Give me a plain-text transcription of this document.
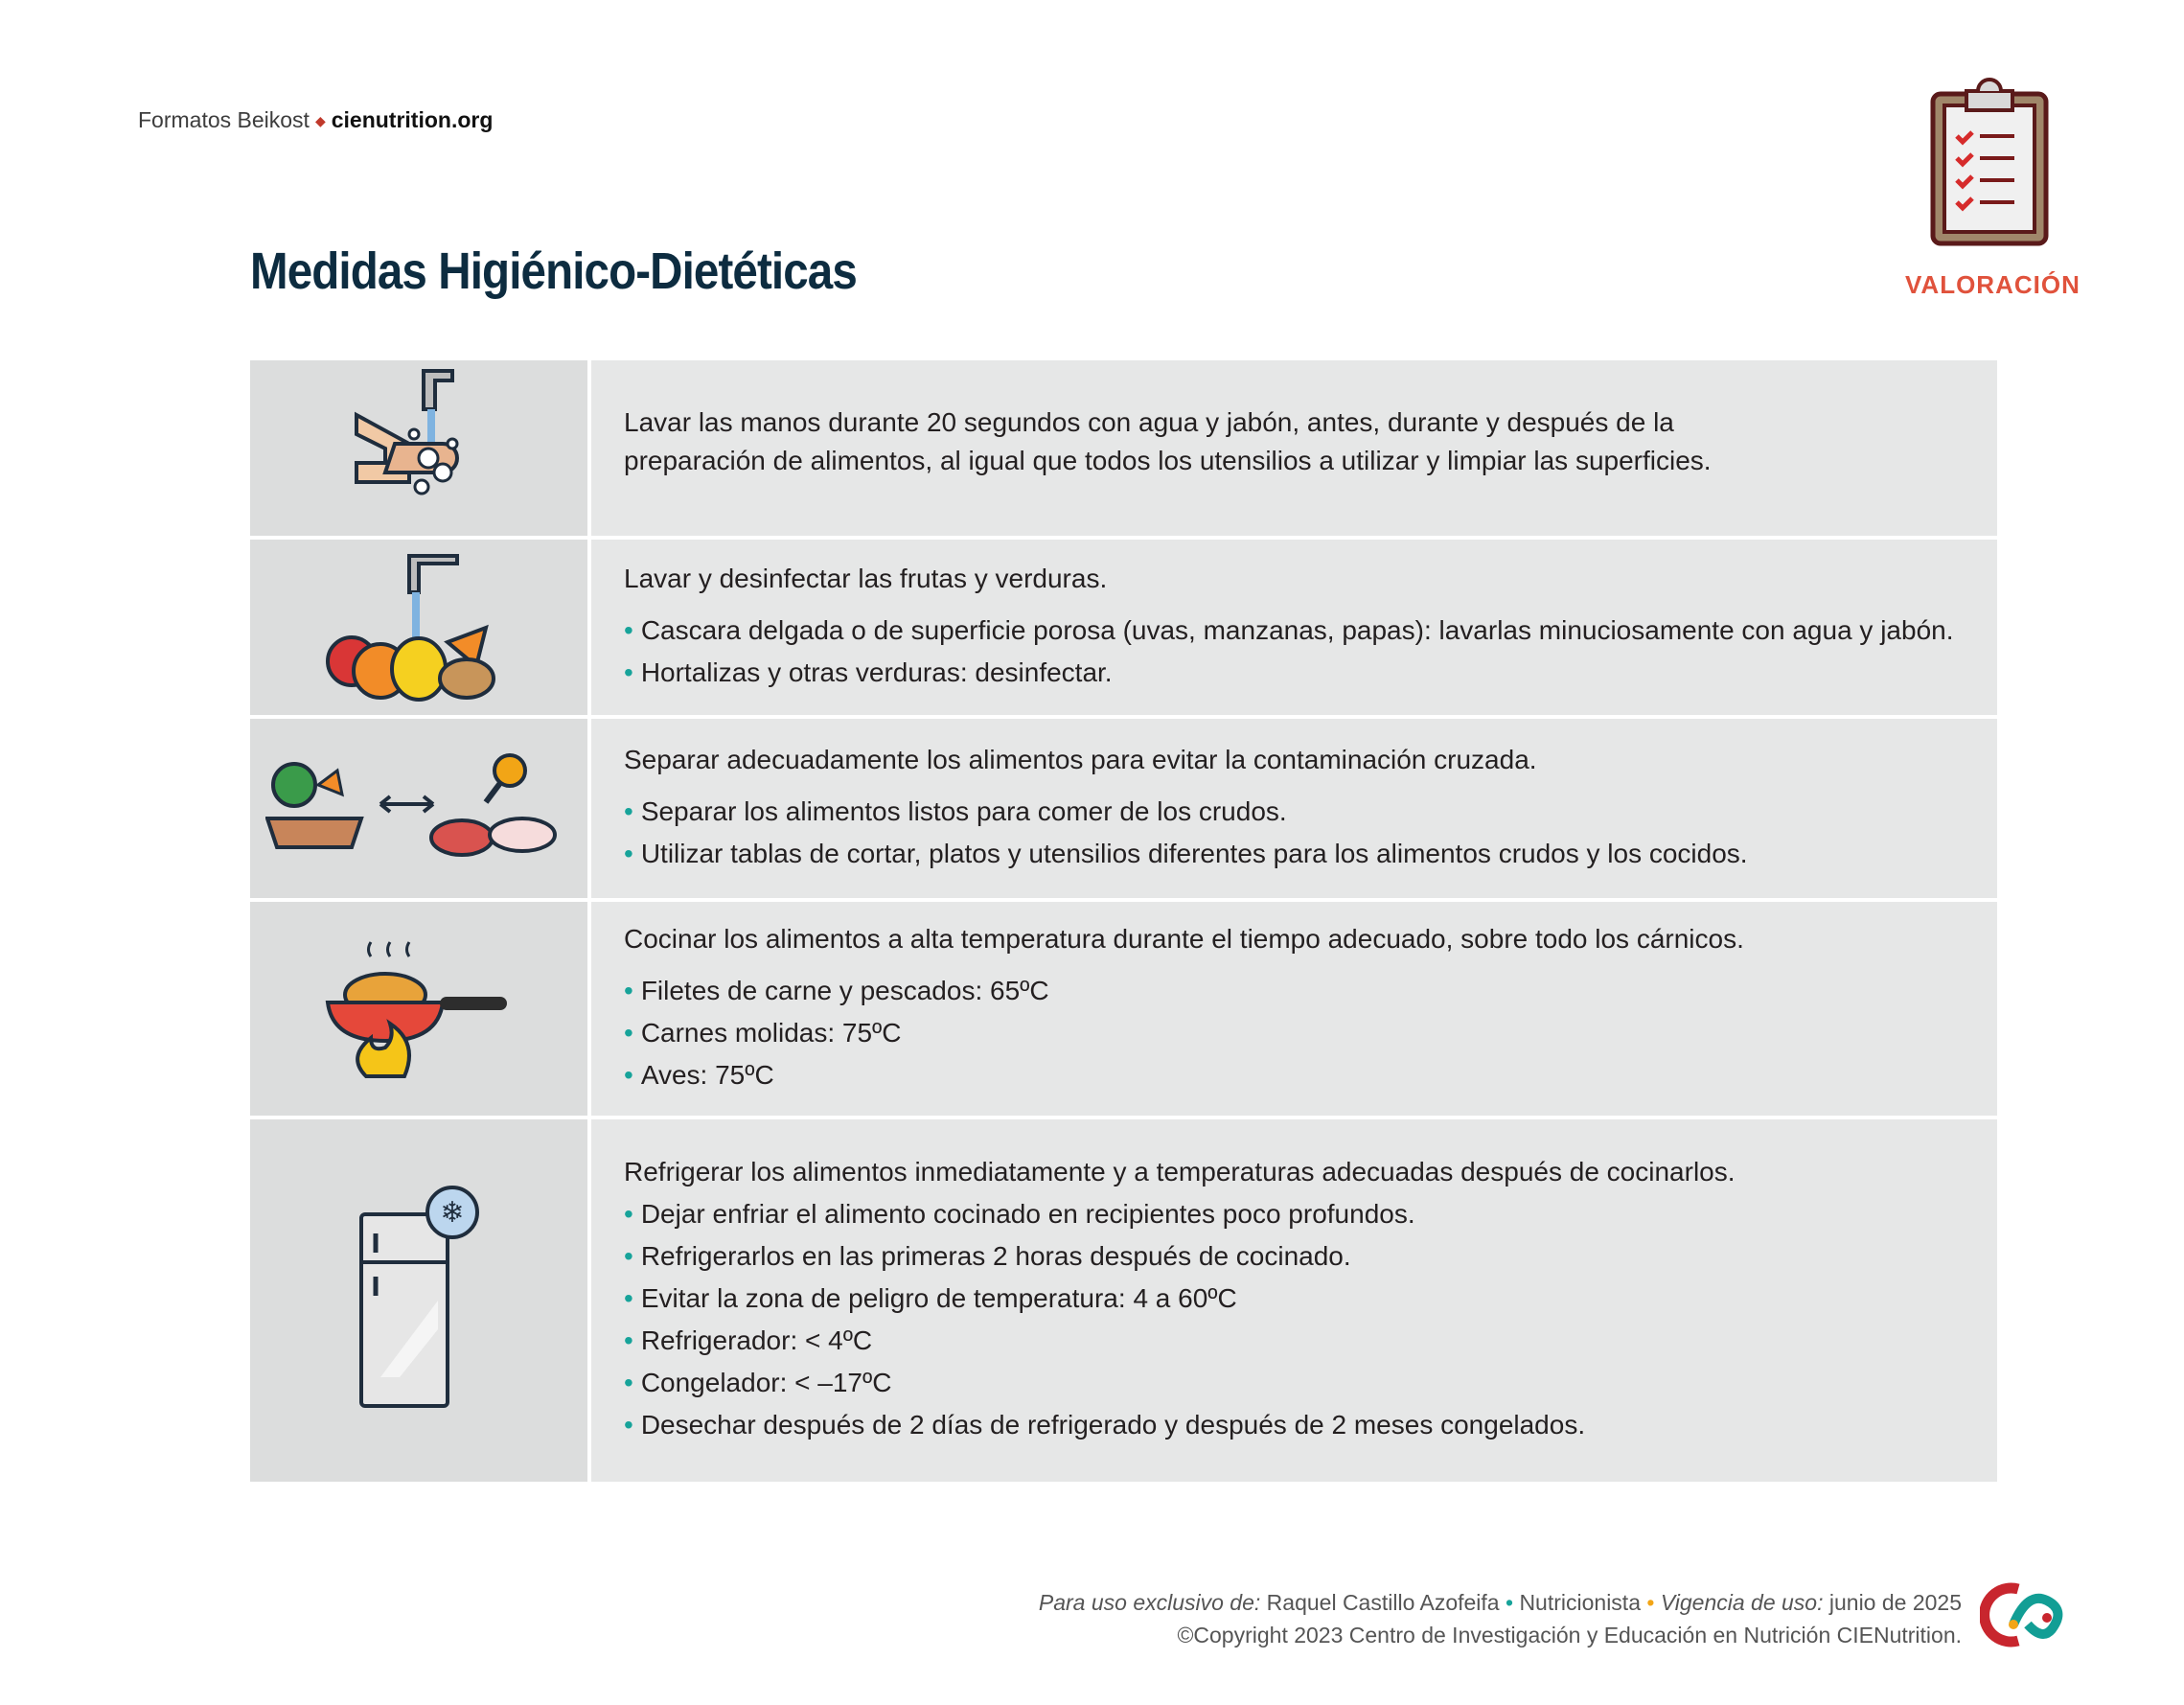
Formatos Beikost ◆ cienutrition.org
Medidas Higiénico-Dietéticas	VALORACIÓN

Lavar las manos durante 20 segundos con agua y jabón, antes, durante y después de la preparación de alimentos, al igual que todos los utensilios a utilizar y limpiar las superficies.

Lavar y desinfectar las frutas y verduras.

• Cascara delgada o de superficie porosa (uvas, manzanas, papas): lavarlas minuciosamente con agua y jabón.
• Hortalizas y otras verduras: desinfectar.

Separar adecuadamente los alimentos para evitar la contaminación cruzada.

• Separar los alimentos listos para comer de los crudos.
• Utilizar tablas de cortar, platos y utensilios diferentes para los alimentos crudos y los cocidos.

Cocinar los alimentos a alta temperatura durante el tiempo adecuado, sobre todo los cárnicos.

• Filetes de carne y pescados: 65ºC
• Carnes molidas: 75ºC
• Aves: 75ºC
❄

Refrigerar los alimentos inmediatamente y a temperaturas adecuadas después de cocinarlos.

• Dejar enfriar el alimento cocinado en recipientes poco profundos.
• Refrigerarlos en las primeras 2 horas después de cocinado.
• Evitar la zona de peligro de temperatura: 4 a 60ºC
• Refrigerador: < 4ºC
• Congelador: < –17ºC
• Desechar después de 2 días de refrigerado y después de 2 meses congelados.
Para uso exclusivo de: Raquel Castillo Azofeifa • Nutricionista • Vigencia de uso: junio de 2025
©Copyright 2023 Centro de Investigación y Educación en Nutrición CIENutrition.
